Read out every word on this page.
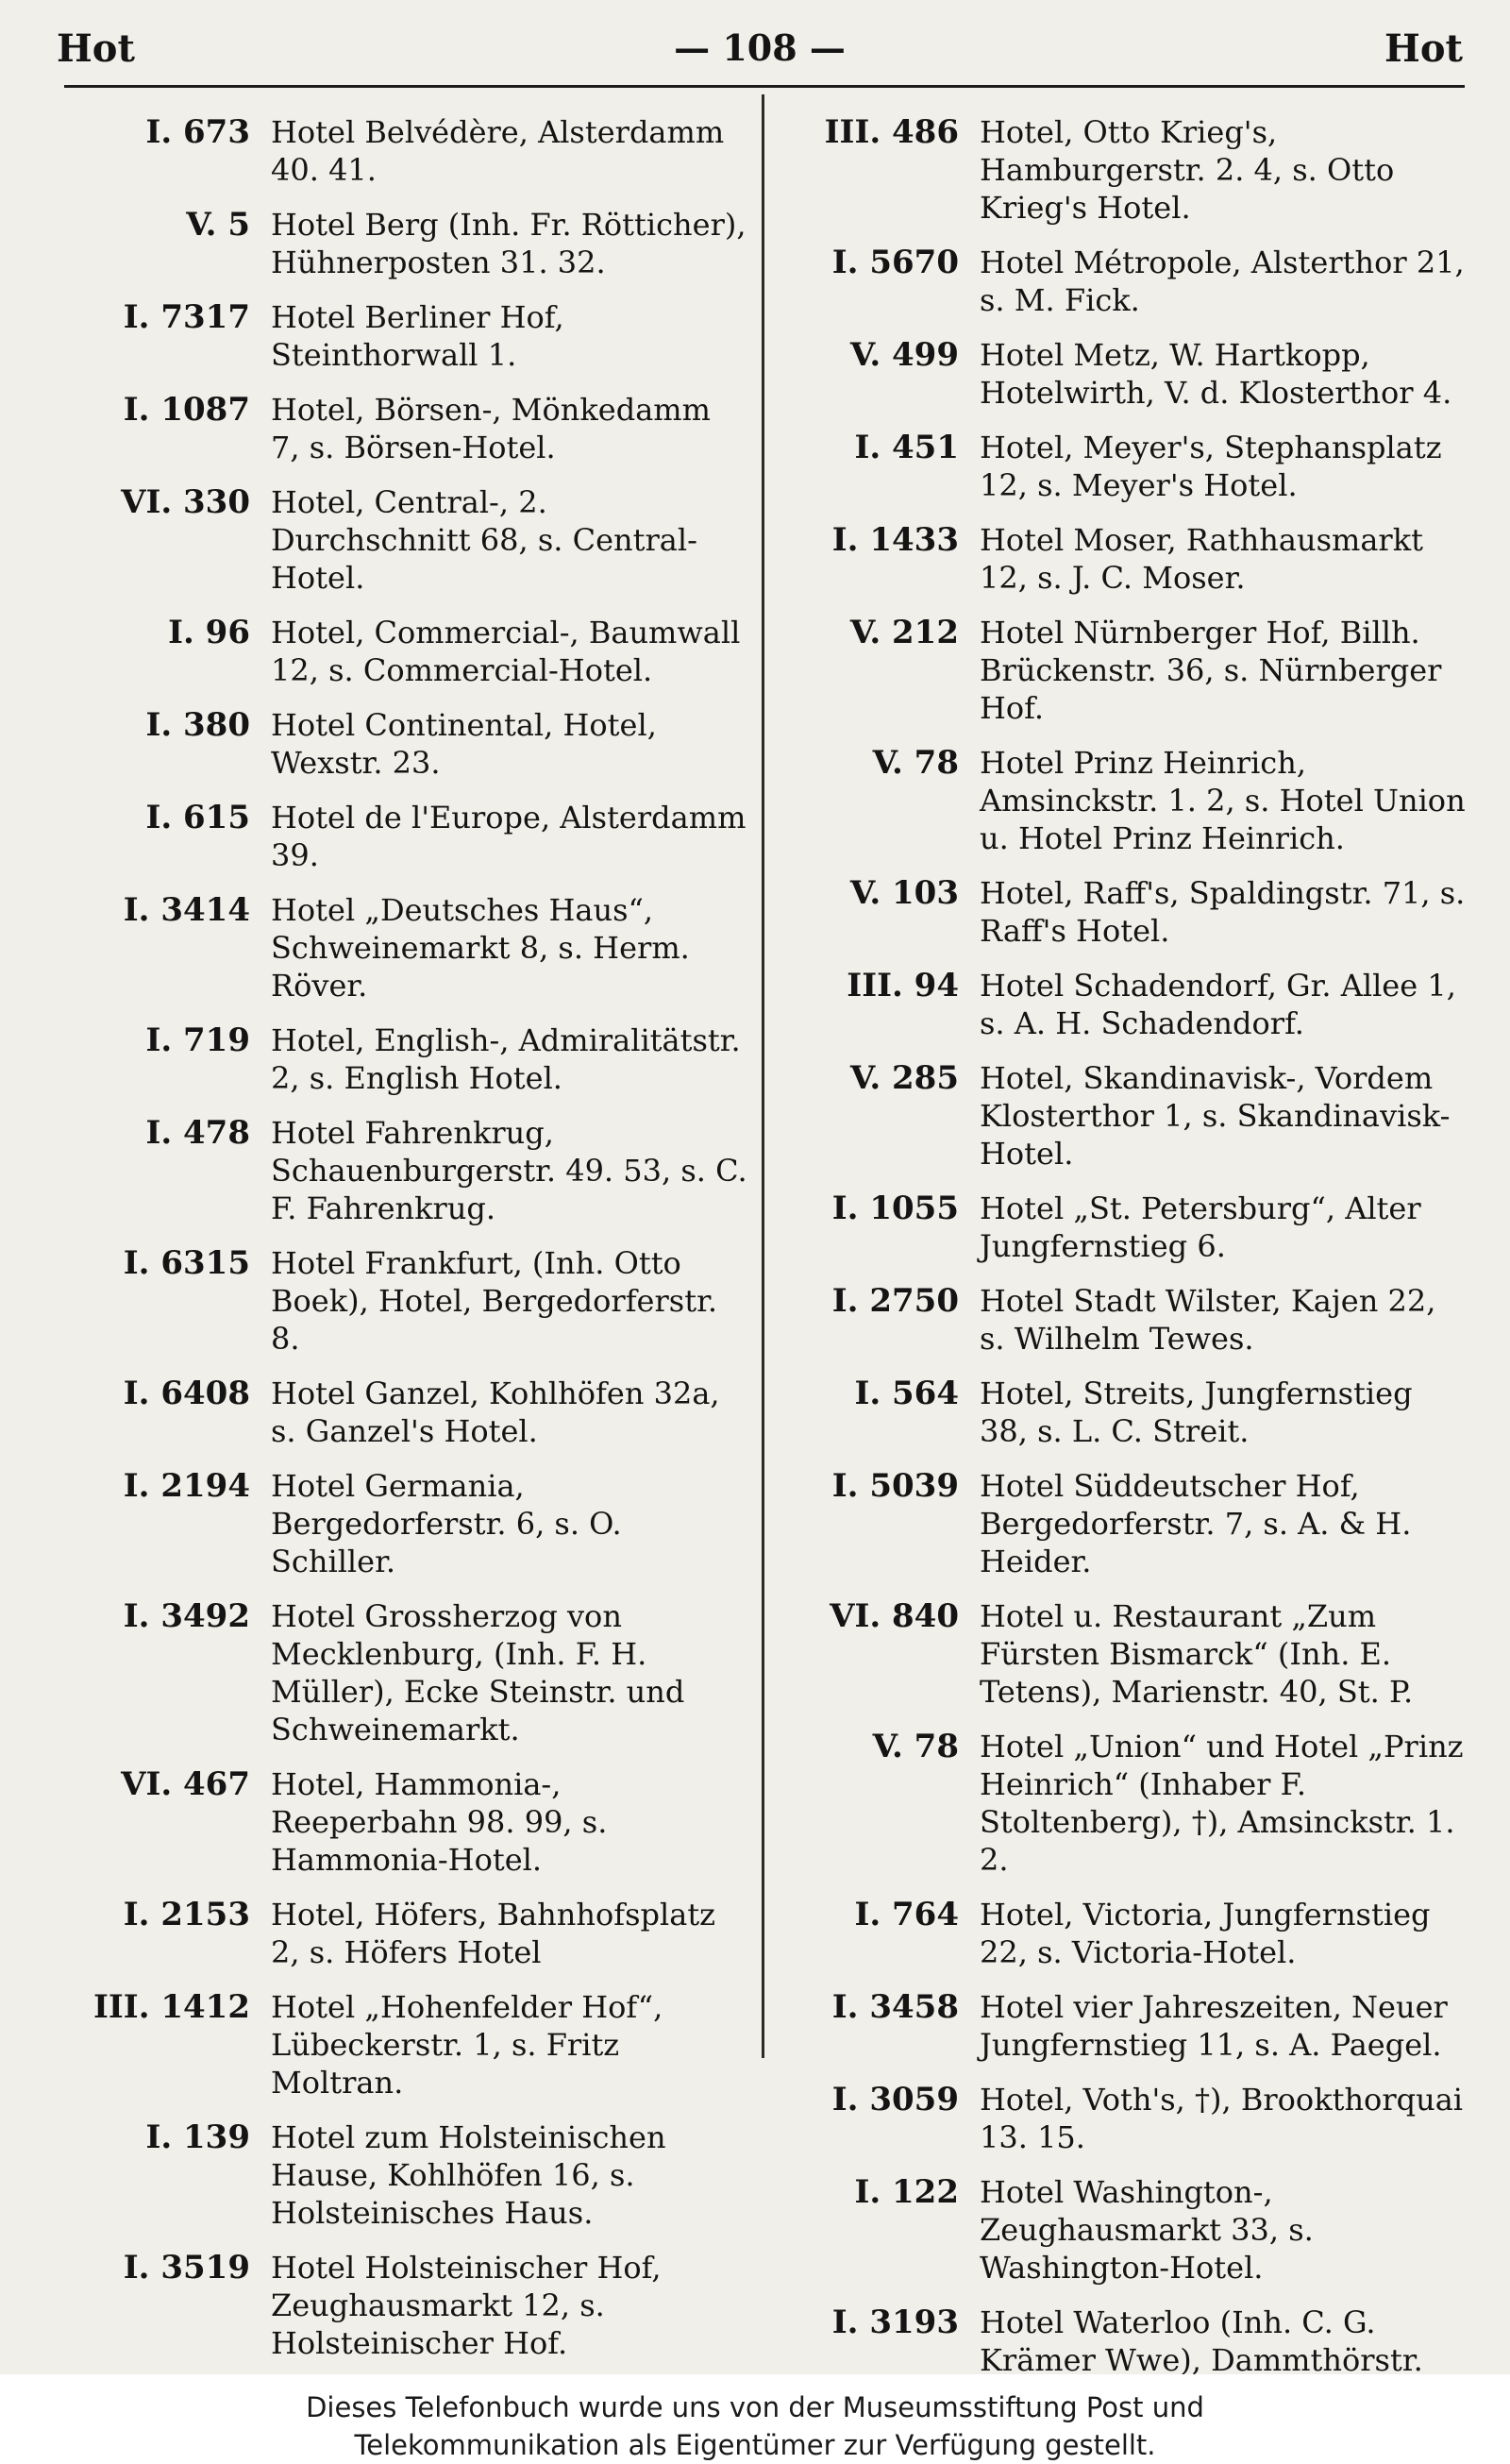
Hot	— 108 —	Hot
I. 673 Hotel Belvédère, Alsterdamm 40. 41.
V. 5 Hotel Berg (Inh. Fr. Rötticher), Hühnerposten 31. 32.
I. 7317 Hotel Berliner Hof, Steinthorwall 1.
I. 1087 Hotel, Börsen-, Mönkedamm 7, s. Börsen-Hotel.
VI. 330 Hotel, Central-, 2. Durchschnitt 68, s. Central-Hotel.
I. 96 Hotel, Commercial-, Baumwall 12, s. Commercial-Hotel.
I. 380 Hotel Continental, Hotel, Wexstr. 23.
I. 615 Hotel de l'Europe, Alsterdamm 39.
I. 3414 Hotel „Deutsches Haus“, Schweinemarkt 8, s. Herm. Röver.
I. 719 Hotel, English-, Admiralitätstr. 2, s. English Hotel.
I. 478 Hotel Fahrenkrug, Schauenburgerstr. 49. 53, s. C. F. Fahrenkrug.
I. 6315 Hotel Frankfurt, (Inh. Otto Boek), Hotel, Bergedorferstr. 8.
I. 6408 Hotel Ganzel, Kohlhöfen 32a, s. Ganzel's Hotel.
I. 2194 Hotel Germania, Bergedorferstr. 6, s. O. Schiller.
I. 3492 Hotel Grossherzog von Mecklenburg, (Inh. F. H. Müller), Ecke Steinstr. und Schweinemarkt.
VI. 467 Hotel, Hammonia-, Reeperbahn 98. 99, s. Hammonia-Hotel.
I. 2153 Hotel, Höfers, Bahnhofsplatz 2, s. Höfers Hotel
III. 1412 Hotel „Hohenfelder Hof“, Lübeckerstr. 1, s. Fritz Moltran.
I. 139 Hotel zum Holsteinischen Hause, Kohlhöfen 16, s. Holsteinisches Haus.
I. 3519 Hotel Holsteinischer Hof, Zeughausmarkt 12, s. Holsteinischer Hof.
III. 486 Hotel, Otto Krieg's, Hamburgerstr. 2. 4, s. Otto Krieg's Hotel.
I. 5670 Hotel Métropole, Alsterthor 21, s. M. Fick.
V. 499 Hotel Metz, W. Hartkopp, Hotelwirth, V. d. Klosterthor 4.
I. 451 Hotel, Meyer's, Stephansplatz 12, s. Meyer's Hotel.
I. 1433 Hotel Moser, Rathhausmarkt 12, s. J. C. Moser.
V. 212 Hotel Nürnberger Hof, Billh. Brückenstr. 36, s. Nürnberger Hof.
V. 78 Hotel Prinz Heinrich, Amsinckstr. 1. 2, s. Hotel Union u. Hotel Prinz Heinrich.
V. 103 Hotel, Raff's, Spaldingstr. 71, s. Raff's Hotel.
III. 94 Hotel Schadendorf, Gr. Allee 1, s. A. H. Schadendorf.
V. 285 Hotel, Skandinavisk-, Vordem Klosterthor 1, s. Skandinavisk-Hotel.
I. 1055 Hotel „St. Petersburg“, Alter Jungfernstieg 6.
I. 2750 Hotel Stadt Wilster, Kajen 22, s. Wilhelm Tewes.
I. 564 Hotel, Streits, Jungfernstieg 38, s. L. C. Streit.
I. 5039 Hotel Süddeutscher Hof, Bergedorferstr. 7, s. A. & H. Heider.
VI. 840 Hotel u. Restaurant „Zum Fürsten Bismarck“ (Inh. E. Tetens), Marienstr. 40, St. P.
V. 78 Hotel „Union“ und Hotel „Prinz Heinrich“ (Inhaber F. Stoltenberg), †), Amsinckstr. 1. 2.
I. 764 Hotel, Victoria, Jungfernstieg 22, s. Victoria-Hotel.
I. 3458 Hotel vier Jahreszeiten, Neuer Jungfernstieg 11, s. A. Paegel.
I. 3059 Hotel, Voth's, †), Brookthorquai 13. 15.
I. 122 Hotel Washington-, Zeughausmarkt 33, s. Washington-Hotel.
I. 3193 Hotel Waterloo (Inh. C. G. Krämer Wwe), Dammthörstr.
Dieses Telefonbuch wurde uns von der Museumsstiftung Post und
Telekommunikation als Eigentümer zur Verfügung gestellt.
